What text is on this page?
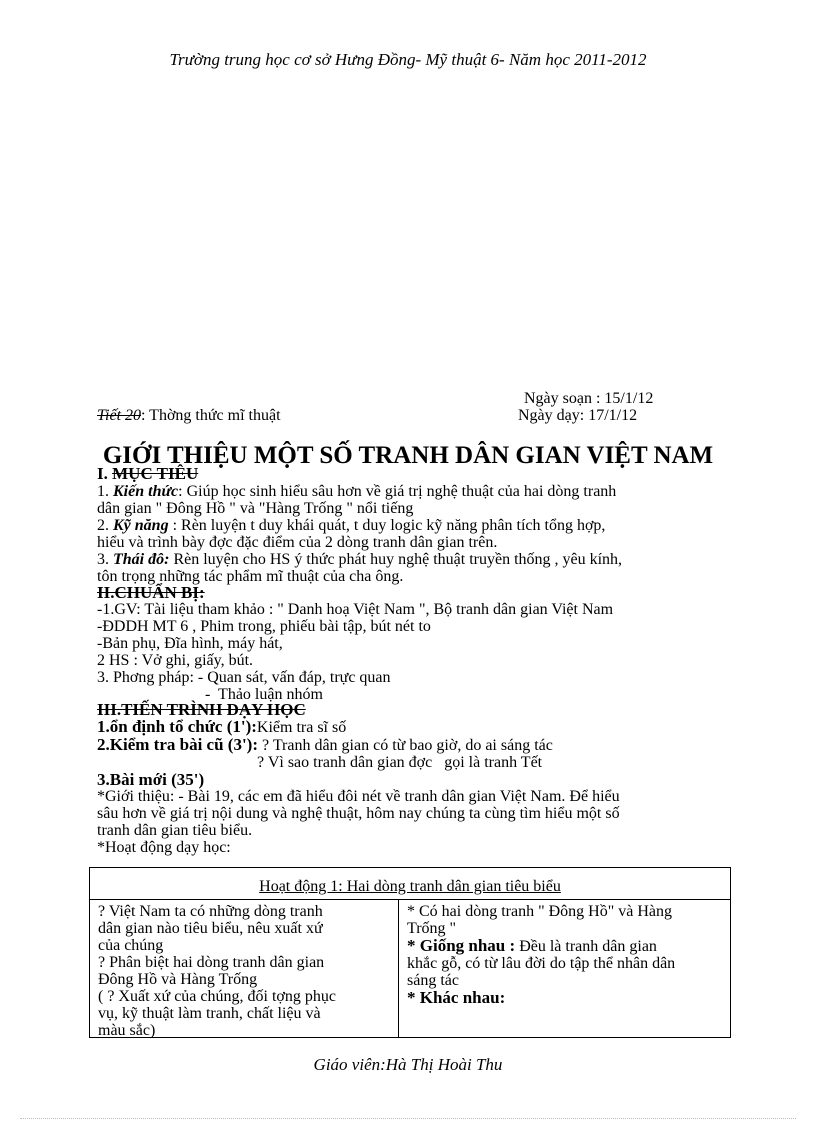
Trường trung học cơ sở Hưng Đồng- Mỹ thuật 6- Năm học 2011-2012
Ngày soạn : 15/1/12
Tiết 20: Thờng thức mĩ thuật	Ngày dạy: 17/1/12
GIỚI THIỆU MỘT SỐ TRANH DÂN GIAN VIỆT NAM

I. MỤC TIÊU

1. Kiến thức: Giúp học sinh hiểu sâu hơn về giá trị nghệ thuật của hai dòng tranh

dân gian " Đông Hồ " và "Hàng Trống " nổi tiếng

2. Kỹ năng : Rèn luyện t duy khái quát, t duy logic kỹ năng phân tích tổng hợp,

hiểu và trình bày đợc đặc điểm của 2 dòng tranh dân gian trên.

3. Thái đô: Rèn luyện cho HS ý thức phát huy nghệ thuật truyền thống , yêu kính,

tôn trọng những tác phẩm mĩ thuật của cha ông.

II.CHUẨN BỊ:

-1.GV: Tài liệu tham khảo : " Danh hoạ Việt Nam ", Bộ tranh dân gian Việt Nam

-ĐDDH MT 6 , Phim trong, phiếu bài tập, bút nét to

-Bản phụ, Đĩa hình, máy hát,

2 HS : Vở ghi, giấy, bút.

3. Phơng pháp: - Quan sát, vấn đáp, trực quan

-  Thảo luận nhóm

III.TIẾN TRÌNH DẠY HỌC

1.ổn định tổ chức (1'):Kiểm tra sĩ số

2.Kiểm tra bài cũ (3'): ? Tranh dân gian có từ bao giờ, do ai sáng tác

? Vì sao tranh dân gian đợc   gọi là tranh Tết

3.Bài mới (35')

*Giới thiệu: - Bài 19, các em đã hiểu đôi nét về tranh dân gian Việt Nam. Để hiểu

sâu hơn về giá trị nội dung và nghệ thuật, hôm nay chúng ta cùng tìm hiểu một số

tranh dân gian tiêu biểu.

*Hoạt động dạy học:

Hoạt động 1: Hai dòng tranh dân gian tiêu biểu

? Việt Nam ta có những dòng tranh

dân gian nào tiêu biểu, nêu xuất xứ

của chúng

? Phân biệt hai dòng tranh dân gian

Đông Hồ và Hàng Trống

( ? Xuất xứ của chúng, đối tợng phục

vụ, kỹ thuật làm tranh, chất liệu và

màu sắc)

* Có hai dòng tranh " Đông Hồ" và Hàng

Trống "

* Giống nhau : Đều là tranh dân gian

khắc gỗ, có từ lâu đời do tập thể nhân dân

sáng tác

* Khác nhau:

Giáo viên:Hà Thị Hoài Thu
